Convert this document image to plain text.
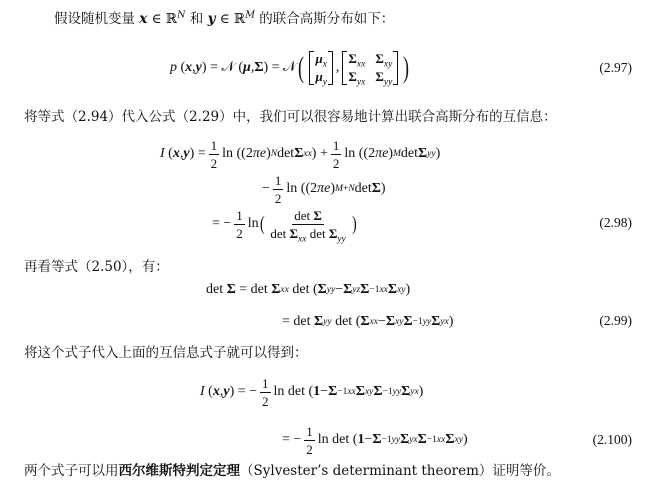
假设随机变量 x ∈ ℝ$^N$ 和 y ∈ ℝ$^M$ 的联合高斯分布如下：
p ( x , y ) = 𝒩 ( μ , Σ ) = 𝒩 ( $\mu_x$
$\mu_y$
,
$\Sigma_{xx}$ $\Sigma_{xy}$
$\Sigma_{yx}$ $\Sigma_{yy}$ )	(2.97)
将等式（2.94）代入公式（2.29）中，我们可以很容易地计算出联合高斯分布的互信息：
I ( x , y ) = $\frac{1}{2}$ ln ((2 πe ) N det Σ xx ) + $\frac{1}{2}$ ln ((2 πe ) M det Σ yy )
− $\frac{1}{2}$ ln ((2 πe ) M+N det Σ )
= − $\frac{1}{2}$ ln ( $\frac{\text{det Σ}}{\det \Sigma_{xx} \det \Sigma_{yy}}$ )	(2.98)
再看等式（2.50），有：
det Σ = det Σ xx det ( Σ yy − Σ yz Σ −1 xx Σ xy )
= det Σ yy det ( Σ xx − Σ xy Σ −1 yy Σ yx )	(2.99)
将这个式子代入上面的互信息式子就可以得到：
I ( x , y ) = − $\frac{1}{2}$ ln det ( 1 − Σ −1 xx Σ xy Σ −1 yy Σ yx )
= − $\frac{1}{2}$ ln det ( 1 − Σ −1 yy Σ yx Σ −1 xx Σ xy )	(2.100)
两个式子可以用西尔维斯特判定定理（Sylvester’s determinant theorem）证明等价。
